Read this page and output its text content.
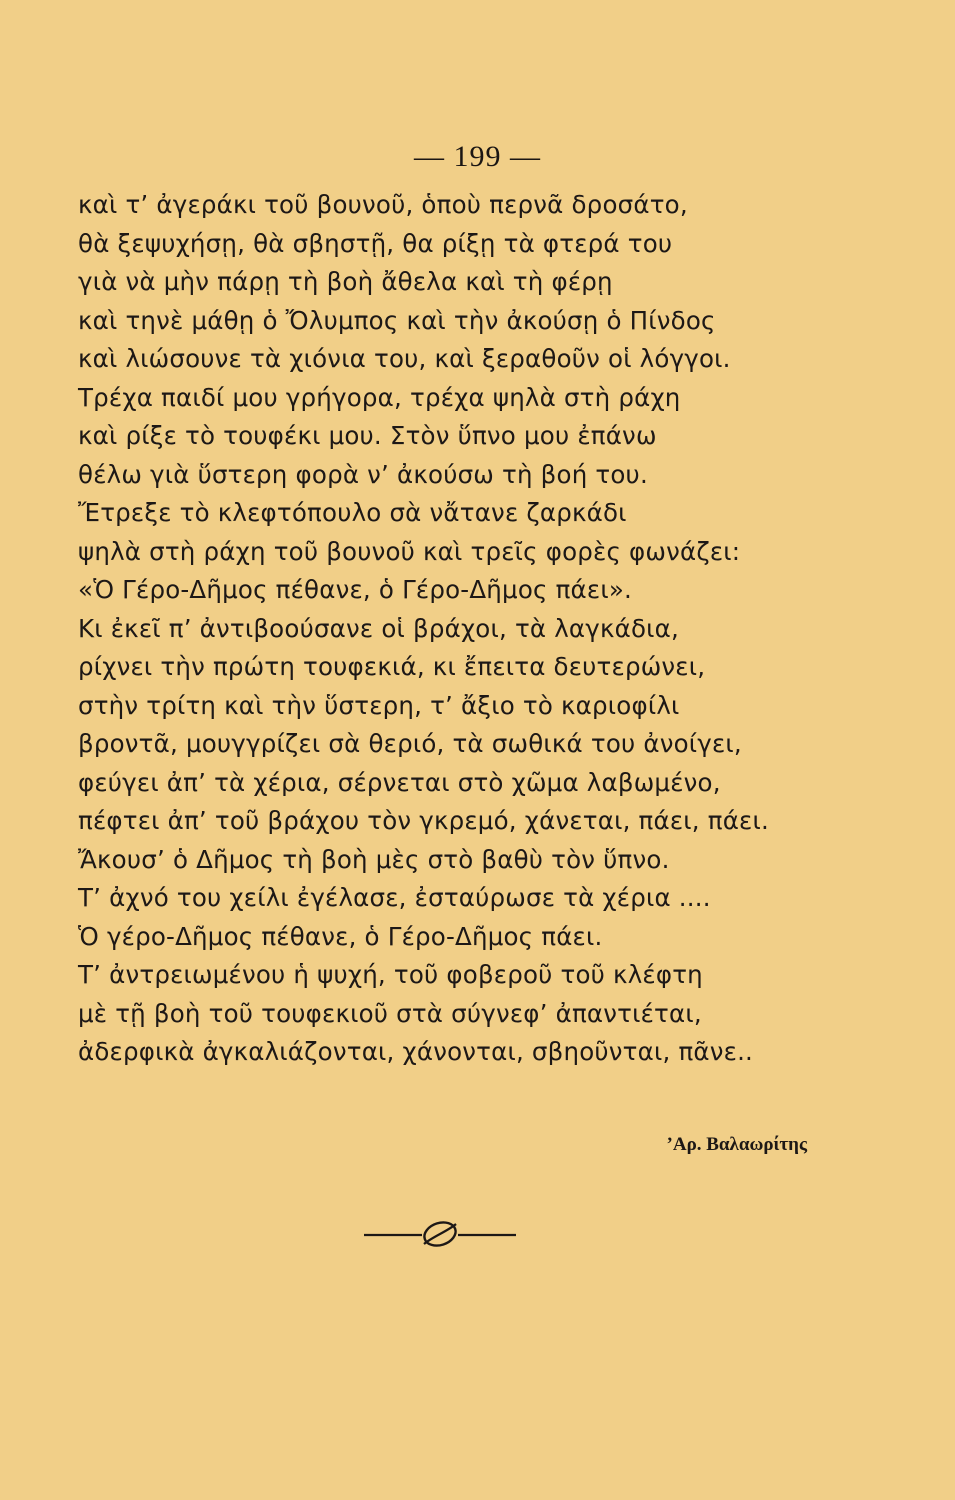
— 199 —
καὶ τ’ ἀγεράκι τοῦ βουνοῦ, ὁποὺ περνᾶ δροσάτο,
θὰ ξεψυχήσῃ, θὰ σβηστῇ, θα ρίξῃ τὰ φτερά του
γιὰ νὰ μὴν πάρῃ τὴ βοὴ ἄθελα καὶ τὴ φέρῃ
καὶ τηνὲ μάθῃ ὁ Ὄλυμπος καὶ τὴν ἀκούσῃ ὁ Πίνδος
καὶ λιώσουνε τὰ χιόνια του, καὶ ξεραθοῦν οἱ λόγγοι.
Τρέχα παιδί μου γρήγορα, τρέχα ψηλὰ στὴ ράχη
καὶ ρίξε τὸ τουφέκι μου. Στὸν ὕπνο μου ἐπάνω
θέλω γιὰ ὕστερη φορὰ ν’ ἀκούσω τὴ βοή του.
Ἔτρεξε τὸ κλεφτόπουλο σὰ νἄτανε ζαρκάδι
ψηλὰ στὴ ράχη τοῦ βουνοῦ καὶ τρεῖς φορὲς φωνάζει:
«Ὁ Γέρο-Δῆμος πέθανε, ὁ Γέρο-Δῆμος πάει».
Κι ἐκεῖ π’ ἀντιβοούσανε οἱ βράχοι, τὰ λαγκάδια,
ρίχνει τὴν πρώτη τουφεκιά, κι ἔπειτα δευτερώνει,
στὴν τρίτη καὶ τὴν ὕστερη, τ’ ἄξιο τὸ καριοφίλι
βροντᾶ, μουγγρίζει σὰ θεριό, τὰ σωθικά του ἀνοίγει,
φεύγει ἀπ’ τὰ χέρια, σέρνεται στὸ χῶμα λαβωμένο,
πέφτει ἀπ’ τοῦ βράχου τὸν γκρεμό, χάνεται, πάει, πάει.
Ἄκουσ’ ὁ Δῆμος τὴ βοὴ μὲς στὸ βαθὺ τὸν ὕπνο.
Τ’ ἀχνό του χείλι ἐγέλασε, ἐσταύρωσε τὰ χέρια ....
Ὁ γέρο-Δῆμος πέθανε, ὁ Γέρο-Δῆμος πάει.
Τ’ ἀντρειωμένου ἡ ψυχή, τοῦ φοβεροῦ τοῦ κλέφτη
μὲ τῇ βοὴ τοῦ τουφεκιοῦ στὰ σύγνεφ’ ἀπαντιέται,
ἀδερφικὰ ἀγκαλιάζονται, χάνονται, σβηοῦνται, πᾶνε..
’Αρ. Βαλαωρίτης
